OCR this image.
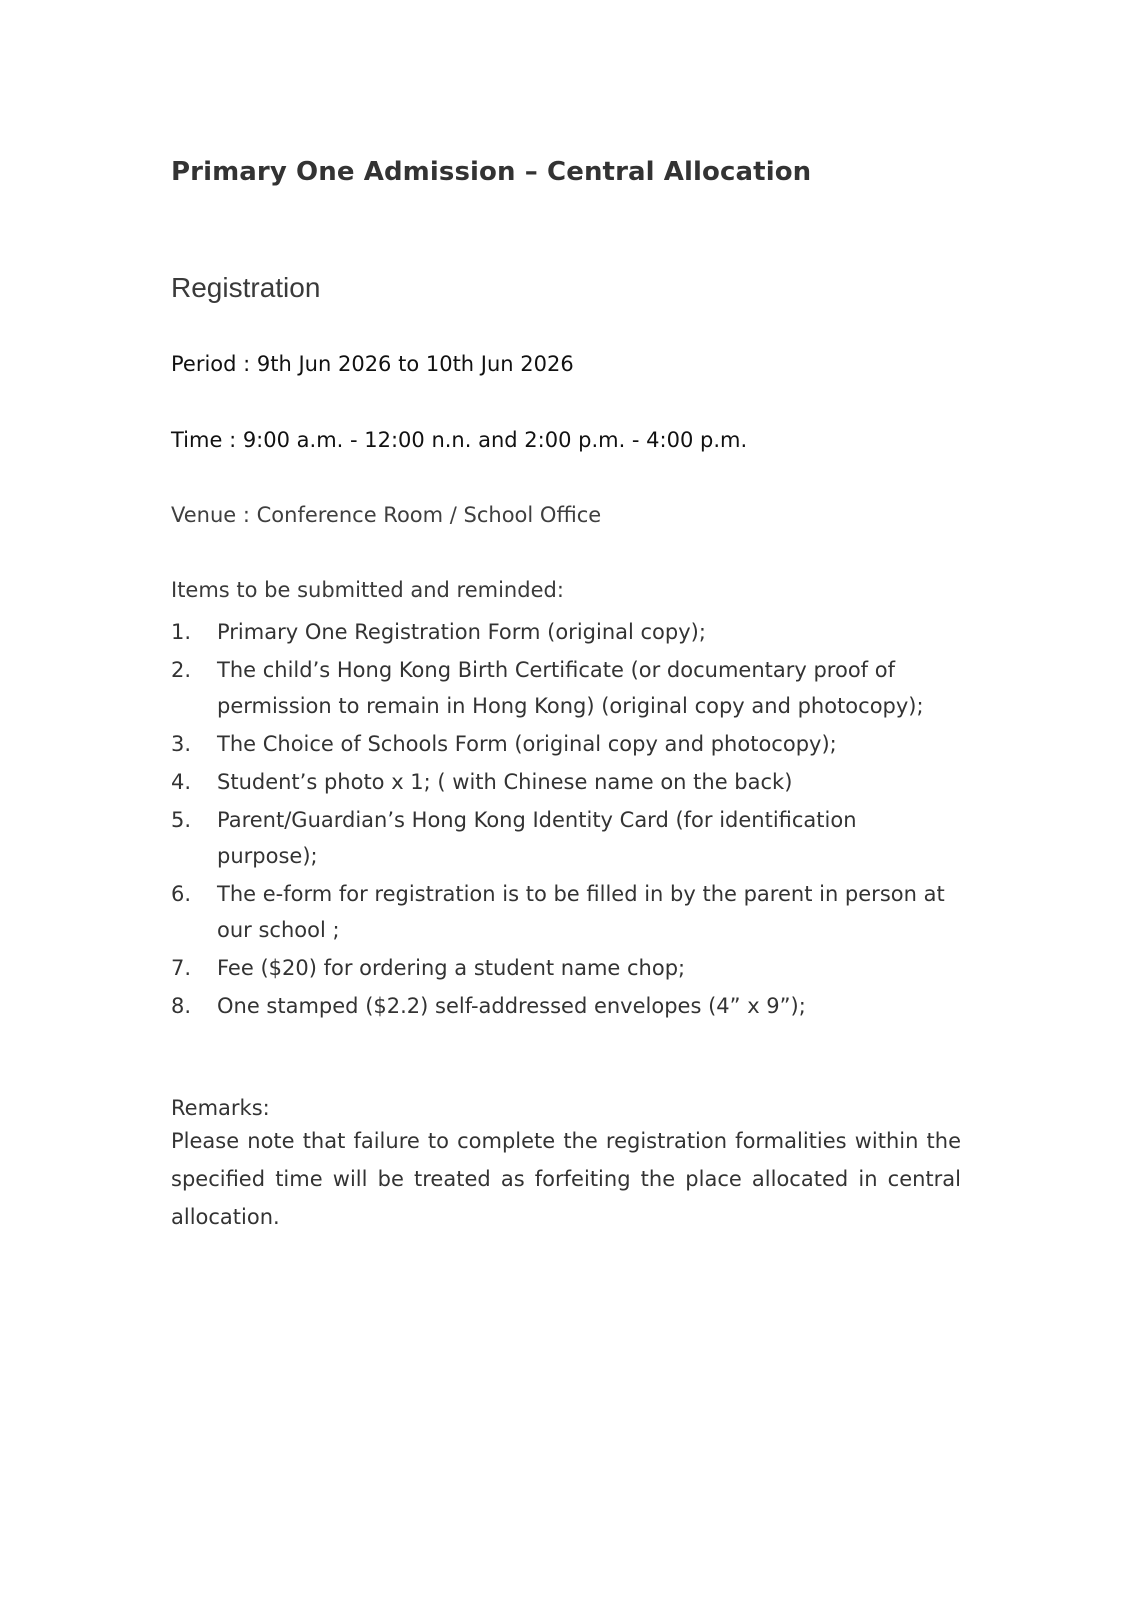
Primary One Admission – Central Allocation
Registration
Period : 9th Jun 2026 to 10th Jun 2026
Time : 9:00 a.m. - 12:00 n.n. and 2:00 p.m. - 4:00 p.m.
Venue : Conference Room / School Office
Items to be submitted and reminded:
1. Primary One Registration Form (original copy);
2. The child’s Hong Kong Birth Certificate (or documentary proof of permission to remain in Hong Kong) (original copy and photocopy);
3. The Choice of Schools Form (original copy and photocopy);
4. Student’s photo x 1; ( with Chinese name on the back)
5. Parent/Guardian’s Hong Kong Identity Card (for identification purpose);
6. The e-form for registration is to be filled in by the parent in person at our school ;
7. Fee ($20) for ordering a student name chop;
8. One stamped ($2.2) self-addressed envelopes (4” x 9”);
Remarks:
Please note that failure to complete the registration formalities within the specified time will be treated as forfeiting the place allocated in central allocation.
